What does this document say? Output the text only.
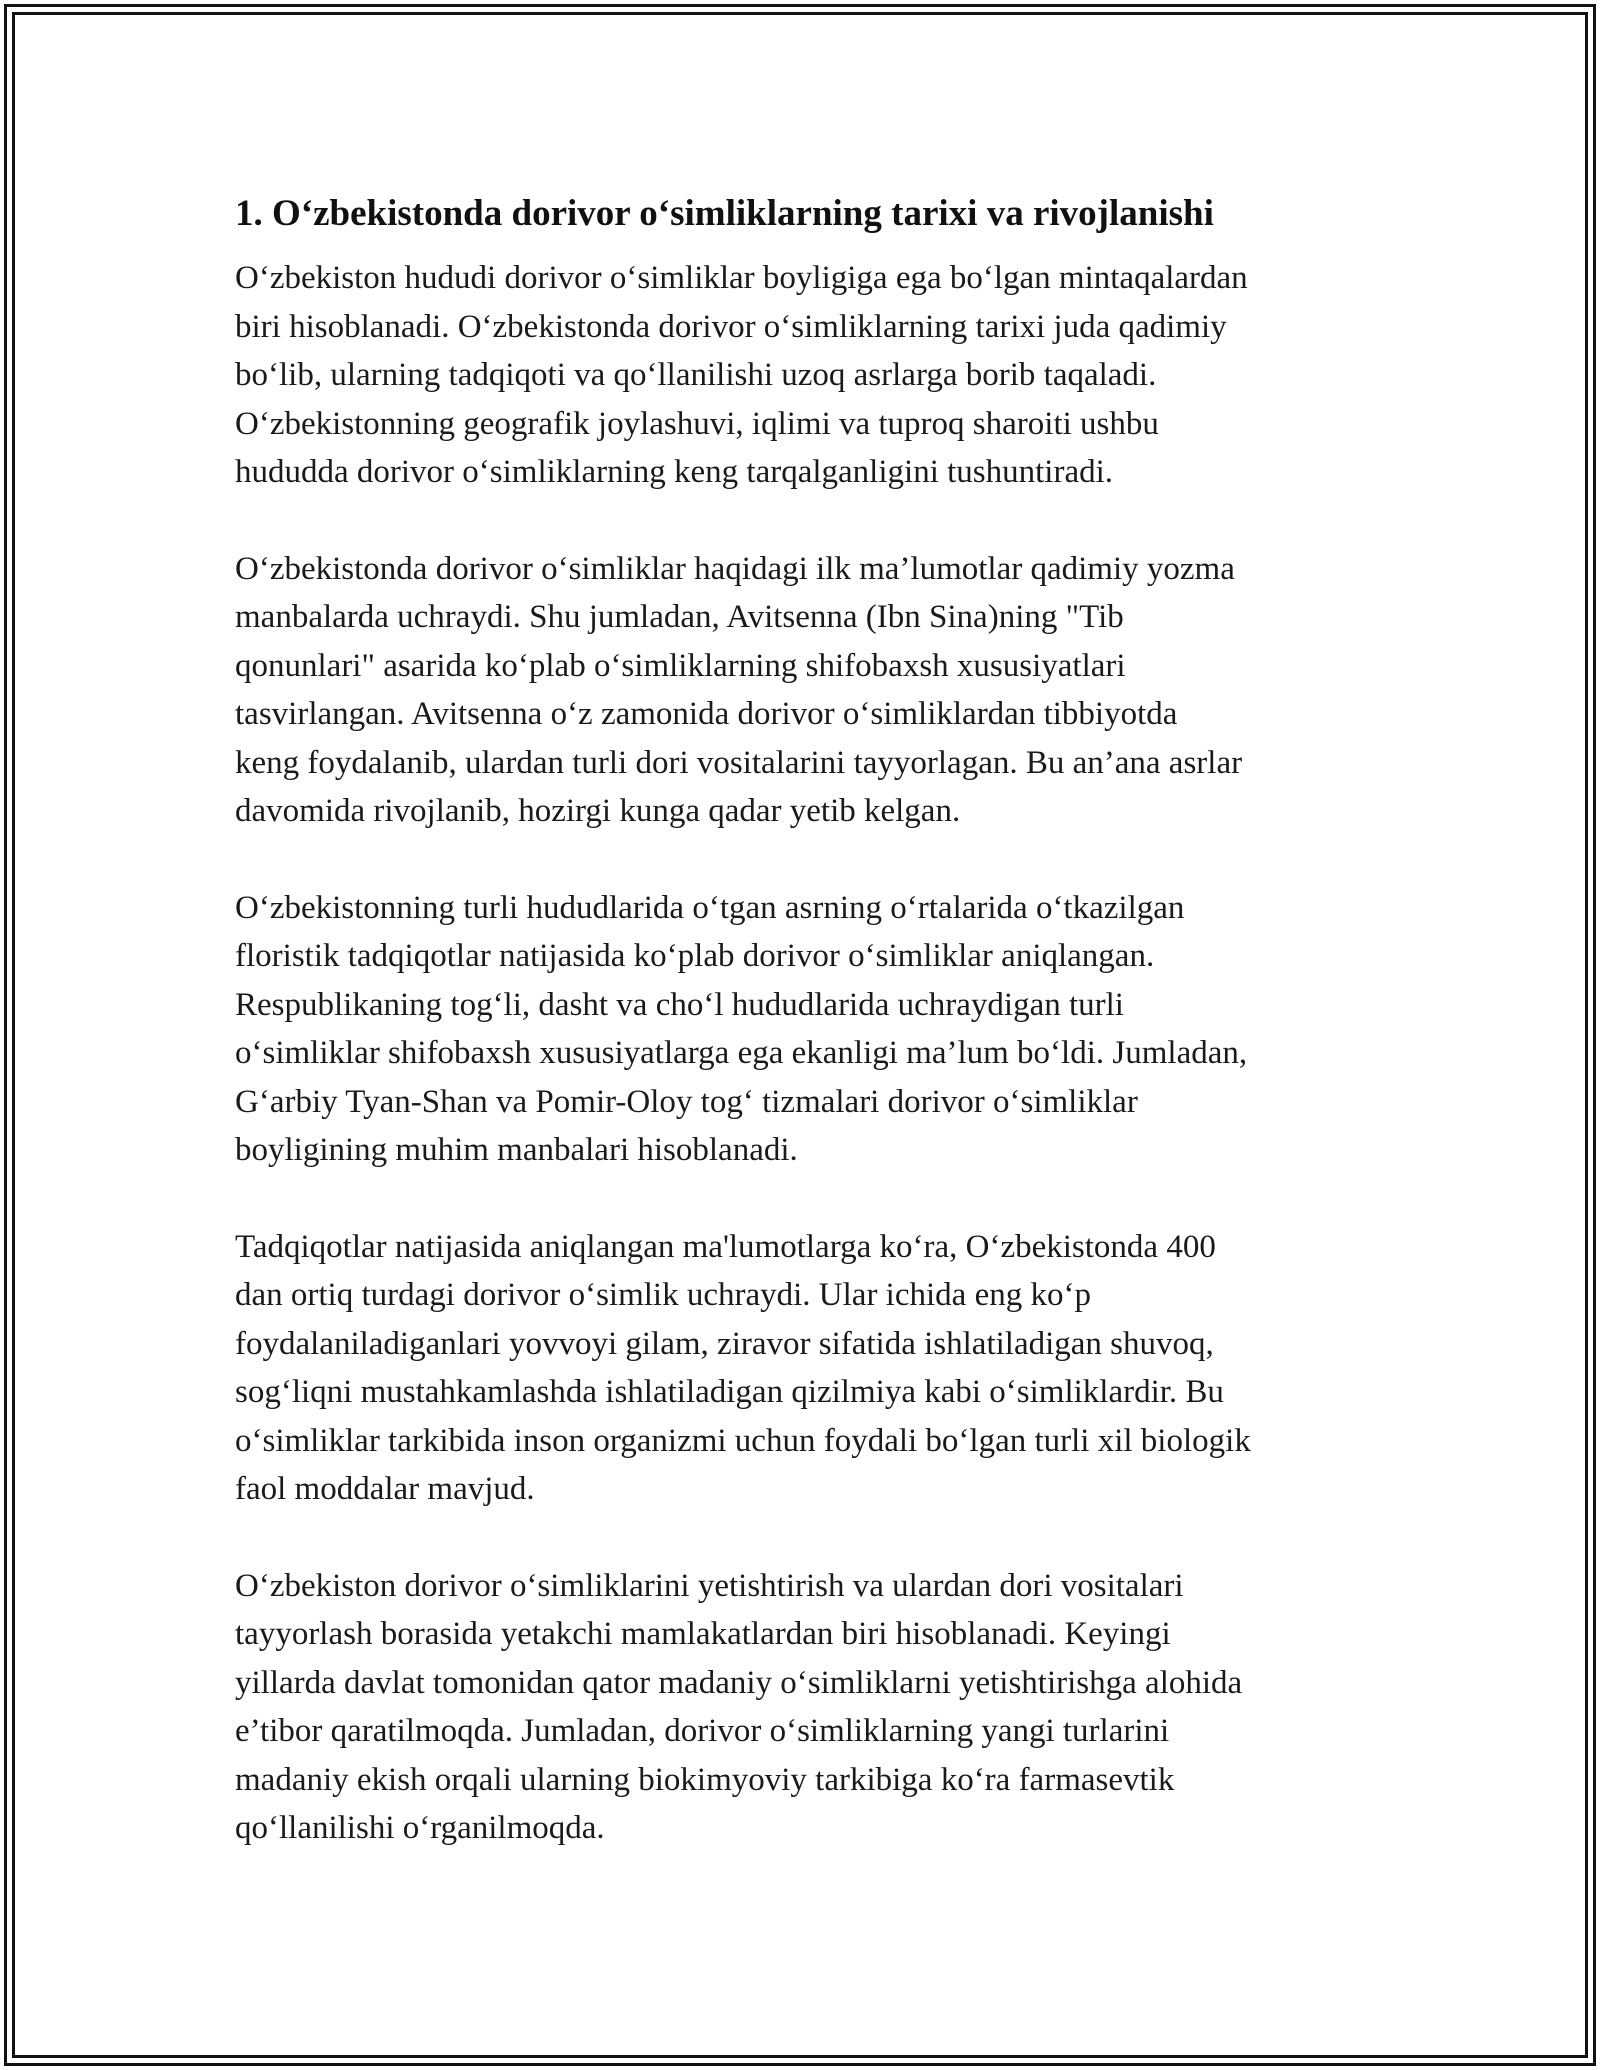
1. O‘zbekistonda dorivor o‘simliklarning tarixi va rivojlanishi

O‘zbekiston hududi dorivor o‘simliklar boyligiga ega bo‘lgan mintaqalardan
biri hisoblanadi. O‘zbekistonda dorivor o‘simliklarning tarixi juda qadimiy
bo‘lib, ularning tadqiqoti va qo‘llanilishi uzoq asrlarga borib taqaladi.
O‘zbekistonning geografik joylashuvi, iqlimi va tuproq sharoiti ushbu
hududda dorivor o‘simliklarning keng tarqalganligini tushuntiradi.

O‘zbekistonda dorivor o‘simliklar haqidagi ilk ma’lumotlar qadimiy yozma
manbalarda uchraydi. Shu jumladan, Avitsenna (Ibn Sina)ning "Tib
qonunlari" asarida ko‘plab o‘simliklarning shifobaxsh xususiyatlari
tasvirlangan. Avitsenna o‘z zamonida dorivor o‘simliklardan tibbiyotda
keng foydalanib, ulardan turli dori vositalarini tayyorlagan. Bu an’ana asrlar
davomida rivojlanib, hozirgi kunga qadar yetib kelgan.

O‘zbekistonning turli hududlarida o‘tgan asrning o‘rtalarida o‘tkazilgan
floristik tadqiqotlar natijasida ko‘plab dorivor o‘simliklar aniqlangan.
Respublikaning tog‘li, dasht va cho‘l hududlarida uchraydigan turli
o‘simliklar shifobaxsh xususiyatlarga ega ekanligi ma’lum bo‘ldi. Jumladan,
G‘arbiy Tyan-Shan va Pomir-Oloy tog‘ tizmalari dorivor o‘simliklar
boyligining muhim manbalari hisoblanadi.

Tadqiqotlar natijasida aniqlangan ma'lumotlarga ko‘ra, O‘zbekistonda 400
dan ortiq turdagi dorivor o‘simlik uchraydi. Ular ichida eng ko‘p
foydalaniladiganlari yovvoyi gilam, ziravor sifatida ishlatiladigan shuvoq,
sog‘liqni mustahkamlashda ishlatiladigan qizilmiya kabi o‘simliklardir. Bu
o‘simliklar tarkibida inson organizmi uchun foydali bo‘lgan turli xil biologik
faol moddalar mavjud.

O‘zbekiston dorivor o‘simliklarini yetishtirish va ulardan dori vositalari
tayyorlash borasida yetakchi mamlakatlardan biri hisoblanadi. Keyingi
yillarda davlat tomonidan qator madaniy o‘simliklarni yetishtirishga alohida
e’tibor qaratilmoqda. Jumladan, dorivor o‘simliklarning yangi turlarini
madaniy ekish orqali ularning biokimyoviy tarkibiga ko‘ra farmasevtik
qo‘llanilishi o‘rganilmoqda.
